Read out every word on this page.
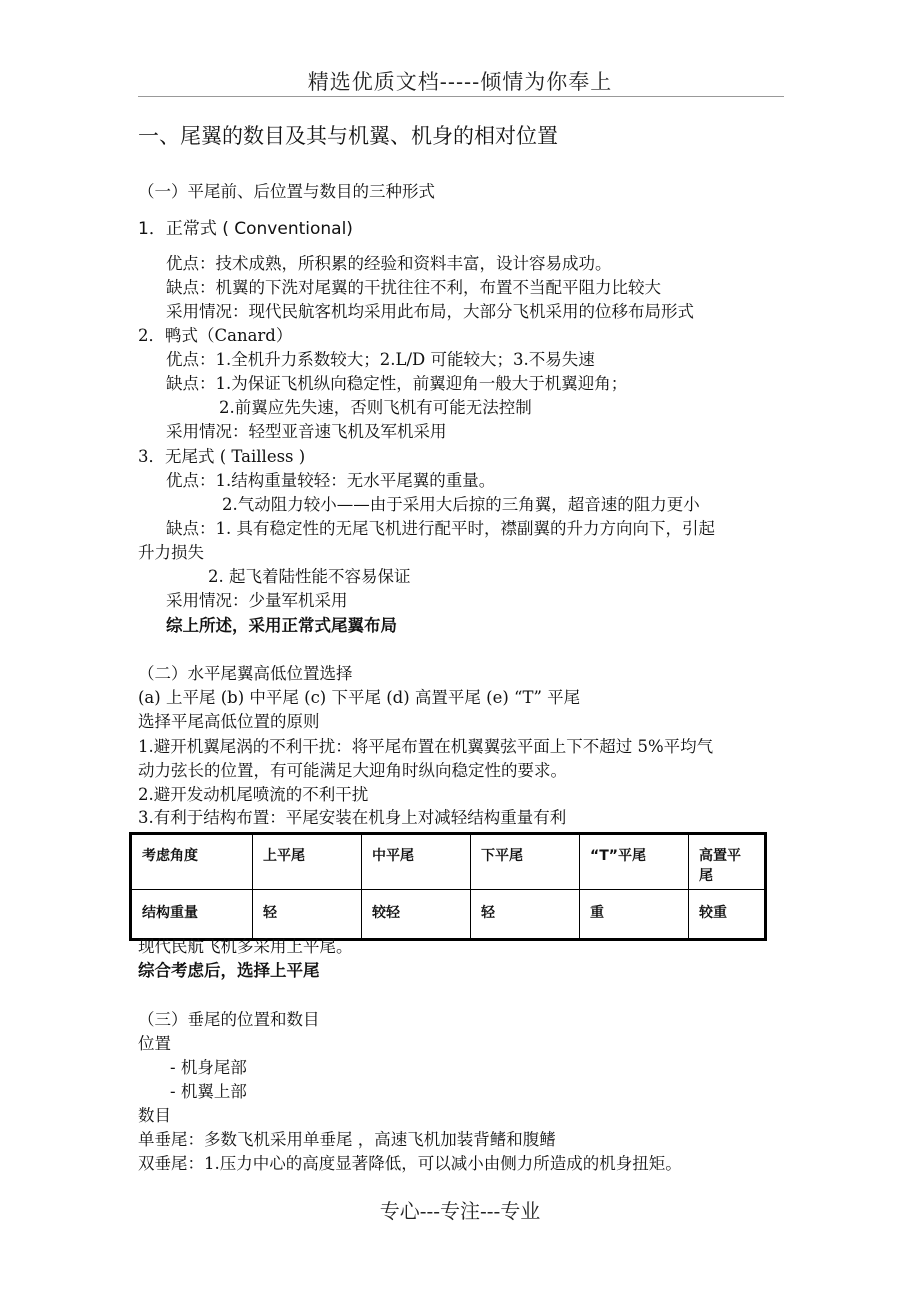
精选优质文档-----倾情为你奉上
一、尾翼的数目及其与机翼、机身的相对位置
（一）平尾前、后位置与数目的三种形式
1．正常式 ( Conventional)
优点：技术成熟，所积累的经验和资料丰富，设计容易成功。
缺点：机翼的下洗对尾翼的干扰往往不利，布置不当配平阻力比较大
采用情况：现代民航客机均采用此布局，大部分飞机采用的位移布局形式
2．鸭式（Canard）
优点：1.全机升力系数较大；2.L/D 可能较大；3.不易失速
缺点：1.为保证飞机纵向稳定性，前翼迎角一般大于机翼迎角；
2.前翼应先失速，否则飞机有可能无法控制
采用情况：轻型亚音速飞机及军机采用
3．无尾式 ( Tailless )
优点：1.结构重量较轻：无水平尾翼的重量。
2.气动阻力较小——由于采用大后掠的三角翼，超音速的阻力更小
缺点：1. 具有稳定性的无尾飞机进行配平时，襟副翼的升力方向向下，引起
升力损失
2. 起飞着陆性能不容易保证
采用情况：少量军机采用
综上所述，采用正常式尾翼布局
（二）水平尾翼高低位置选择
(a) 上平尾 (b) 中平尾 (c) 下平尾 (d) 高置平尾 (e) “T” 平尾
选择平尾高低位置的原则
1.避开机翼尾涡的不利干扰：将平尾布置在机翼翼弦平面上下不超过 5%平均气
动力弦长的位置，有可能满足大迎角时纵向稳定性的要求。
2.避开发动机尾喷流的不利干扰
3.有利于结构布置：平尾安装在机身上对减轻结构重量有利
考虑角度	上平尾	中平尾	下平尾	“T”平尾	高置平尾
结构重量	轻	较轻	轻	重	较重
现代民航飞机多采用上平尾。
综合考虑后，选择上平尾
（三）垂尾的位置和数目
位置
- 机身尾部
- 机翼上部
数目
单垂尾：多数飞机采用单垂尾 ，高速飞机加装背鳍和腹鳍
双垂尾：1.压力中心的高度显著降低，可以减小由侧力所造成的机身扭矩。
专心---专注---专业
